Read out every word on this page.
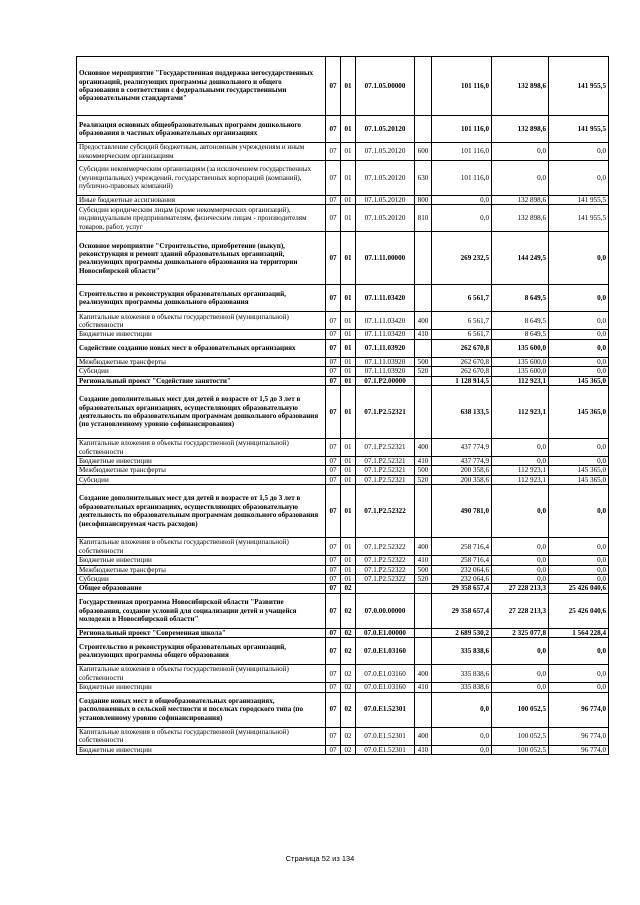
Основное мероприятие "Государственная поддержка негосударственных организаций, реализующих программы дошкольного и общего образования в соответствии с федеральными государственными образовательными стандартами"	07	01	07.1.05.00000		101 116,0	132 898,6	141 955,5
Реализация основных общеобразовательных программ дошкольного образования в частных образовательных организациях	07	01	07.1.05.20120		101 116,0	132 898,6	141 955,5
Предоставление субсидий бюджетным, автономным учреждениям и иным некоммерческим организациям	07	01	07.1.05.20120	600	101 116,0	0,0	0,0
Субсидии некоммерческим организациям (за исключением государственных (муниципальных) учреждений, государственных корпораций (компаний), публично-правовых компаний)	07	01	07.1.05.20120	630	101 116,0	0,0	0,0
Иные бюджетные ассигнования	07	01	07.1.05.20120	800	0,0	132 898,6	141 955,5
Субсидии юридическим лицам (кроме некоммерческих организаций), индивидуальным предпринимателям, физическим лицам - производителям товаров, работ, услуг	07	01	07.1.05.20120	810	0,0	132 898,6	141 955,5
Основное мероприятие "Строительство, приобретение (выкуп), реконструкция и ремонт зданий образовательных организаций, реализующих программы дошкольного образования на территории Новосибирской области"	07	01	07.1.11.00000		269 232,5	144 249,5	0,0
Строительство и реконструкция образовательных организаций, реализующих программы дошкольного образования	07	01	07.1.11.03420		6 561,7	8 649,5	0,0
Капитальные вложения в объекты государственной (муниципальной) собственности	07	01	07.1.11.03420	400	6 561,7	8 649,5	0,0
Бюджетные инвестиции	07	01	07.1.11.03420	410	6 561,7	8 649,5	0,0
Содействие созданию новых мест в образовательных организациях	07	01	07.1.11.03920		262 670,8	135 600,0	0,0
Межбюджетные трансферты	07	01	07.1.11.03920	500	262 670,8	135 600,0	0,0
Субсидии	07	01	07.1.11.03920	520	262 670,8	135 600,0	0,0
Региональный проект "Содействие занятости"	07	01	07.1.P2.00000		1 128 914,5	112 923,1	145 365,0
Создание дополнительных мест для детей в возрасте от 1,5 до 3 лет в образовательных организациях, осуществляющих образовательную деятельность по образовательным программам дошкольного образования (по установленному уровню софинансирования)	07	01	07.1.P2.52321		638 133,5	112 923,1	145 365,0
Капитальные вложения в объекты государственной (муниципальной) собственности	07	01	07.1.P2.52321	400	437 774,9	0,0	0,0
Бюджетные инвестиции	07	01	07.1.P2.52321	410	437 774,9	0,0	0,0
Межбюджетные трансферты	07	01	07.1.P2.52321	500	200 358,6	112 923,1	145 365,0
Субсидии	07	01	07.1.P2.52321	520	200 358,6	112 923,1	145 365,0
Создание дополнительных мест для детей в возрасте от 1,5 до 3 лет в образовательных организациях, осуществляющих образовательную деятельность по образовательным программам дошкольного образования (несофинансируемая часть расходов)	07	01	07.1.P2.52322		490 781,0	0,0	0,0
Капитальные вложения в объекты государственной (муниципальной) собственности	07	01	07.1.P2.52322	400	258 716,4	0,0	0,0
Бюджетные инвестиции	07	01	07.1.P2.52322	410	258 716,4	0,0	0,0
Межбюджетные трансферты	07	01	07.1.P2.52322	500	232 064,6	0,0	0,0
Субсидии	07	01	07.1.P2.52322	520	232 064,6	0,0	0,0
Общее образование	07	02			29 358 657,4	27 228 213,3	25 426 040,6
Государственная программа Новосибирской области "Развитие образования, создание условий для социализации детей и учащейся молодежи в Новосибирской области"	07	02	07.0.00.00000		29 358 657,4	27 228 213,3	25 426 040,6
Региональный проект "Современная школа"	07	02	07.0.E1.00000		2 689 530,2	2 325 077,8	1 564 228,4
Строительство и реконструкция образовательных организаций, реализующих программы общего образования	07	02	07.0.E1.03160		335 838,6	0,0	0,0
Капитальные вложения в объекты государственной (муниципальной) собственности	07	02	07.0.E1.03160	400	335 838,6	0,0	0,0
Бюджетные инвестиции	07	02	07.0.E1.03160	410	335 838,6	0,0	0,0
Создание новых мест в общеобразовательных организациях, расположенных в сельской местности и поселках городского типа (по установленному уровню софинансирования)	07	02	07.0.E1.52301		0,0	100 052,5	96 774,0
Капитальные вложения в объекты государственной (муниципальной) собственности	07	02	07.0.E1.52301	400	0,0	100 052,5	96 774,0
Бюджетные инвестиции	07	02	07.0.E1.52301	410	0,0	100 052,5	96 774,0
Страница 52 из 134
